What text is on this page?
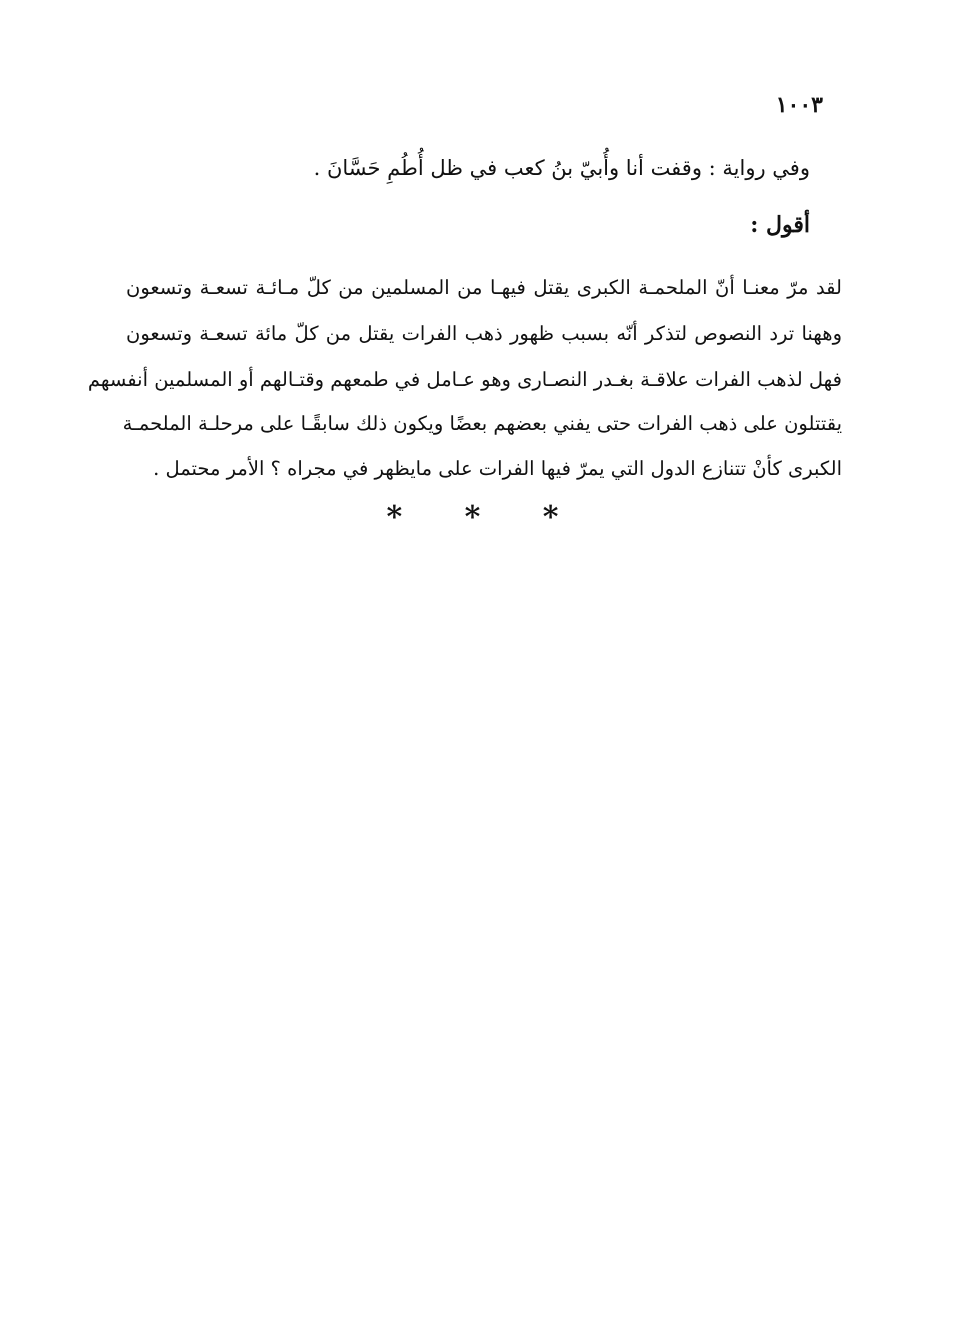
١٠٠٣
وفي رواية : وقفت أنا وأُبيّ بنُ كعب في ظل أُطُمِ حَسَّانَ .
أقول :
لقد مرّ معنـا أنّ الملحمـة الكبرى يقتل فيهـا من المسلمين من كلّ مـائـة تسعـة وتسعون
وههنا ترد النصوص لتذكر أنّه بسبب ظهور ذهب الفرات يقتل من كلّ مائة تسعـة وتسعون
فهل لذهب الفرات علاقـة بغـدر النصـارى وهو عـامل في طمعهم وقتـالهم أو المسلمين أنفسهم
يقتتلون على ذهب الفرات حتى يفني بعضهم بعضًا ويكون ذلك سابقًـا على مرحلـة الملحمـة
الكبرى كأنْ تتنازع الدول التي يمرّ فيها الفرات على مايظهر في مجراه ؟ الأمر محتمل .
* * *
